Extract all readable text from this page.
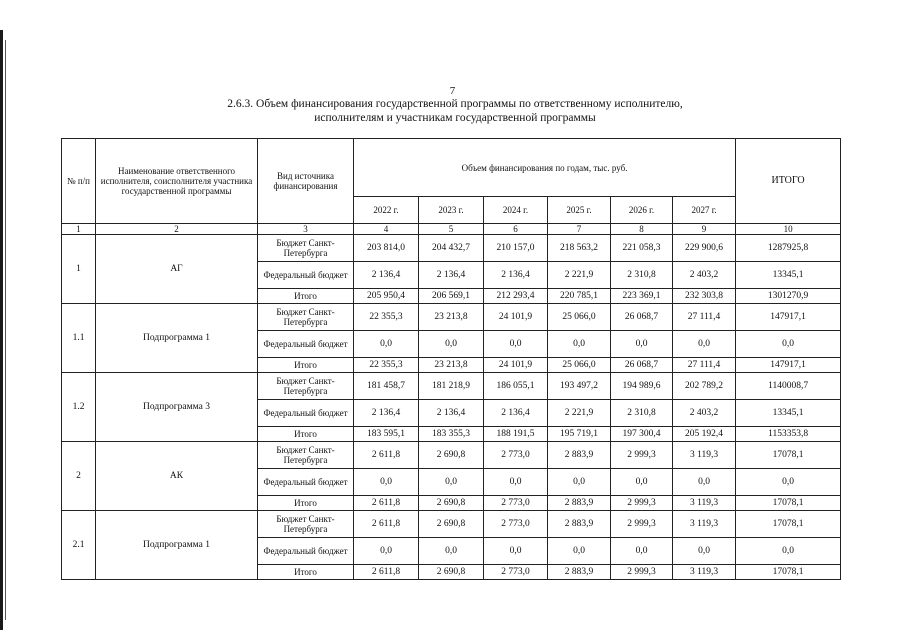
7
2.6.3. Объем финансирования государственной программы по ответственному исполнителю,
исполнителям и участникам государственной программы
№ п/п	Наименование ответственного исполнителя, соисполнителя участника государственной программы	Вид источника финансирования	Объем финансирования по годам, тыс. руб.						ИТОГО
			2022 г.	2023 г.	2024 г.	2025 г.	2026 г.	2027 г.	
1	2	3	4	5	6	7	8	9	10
1	АГ	Бюджет Санкт-Петербурга	203 814,0	204 432,7	210 157,0	218 563,2	221 058,3	229 900,6	1287925,8
		Федеральный бюджет	2 136,4	2 136,4	2 136,4	2 221,9	2 310,8	2 403,2	13345,1
		Итого	205 950,4	206 569,1	212 293,4	220 785,1	223 369,1	232 303,8	1301270,9
1.1	Подпрограмма 1	Бюджет Санкт-Петербурга	22 355,3	23 213,8	24 101,9	25 066,0	26 068,7	27 111,4	147917,1
		Федеральный бюджет	0,0	0,0	0,0	0,0	0,0	0,0	0,0
		Итого	22 355,3	23 213,8	24 101,9	25 066,0	26 068,7	27 111,4	147917,1
1.2	Подпрограмма 3	Бюджет Санкт-Петербурга	181 458,7	181 218,9	186 055,1	193 497,2	194 989,6	202 789,2	1140008,7
		Федеральный бюджет	2 136,4	2 136,4	2 136,4	2 221,9	2 310,8	2 403,2	13345,1
		Итого	183 595,1	183 355,3	188 191,5	195 719,1	197 300,4	205 192,4	1153353,8
2	АК	Бюджет Санкт-Петербурга	2 611,8	2 690,8	2 773,0	2 883,9	2 999,3	3 119,3	17078,1
		Федеральный бюджет	0,0	0,0	0,0	0,0	0,0	0,0	0,0
		Итого	2 611,8	2 690,8	2 773,0	2 883,9	2 999,3	3 119,3	17078,1
2.1	Подпрограмма 1	Бюджет Санкт-Петербурга	2 611,8	2 690,8	2 773,0	2 883,9	2 999,3	3 119,3	17078,1
		Федеральный бюджет	0,0	0,0	0,0	0,0	0,0	0,0	0,0
		Итого	2 611,8	2 690,8	2 773,0	2 883,9	2 999,3	3 119,3	17078,1
